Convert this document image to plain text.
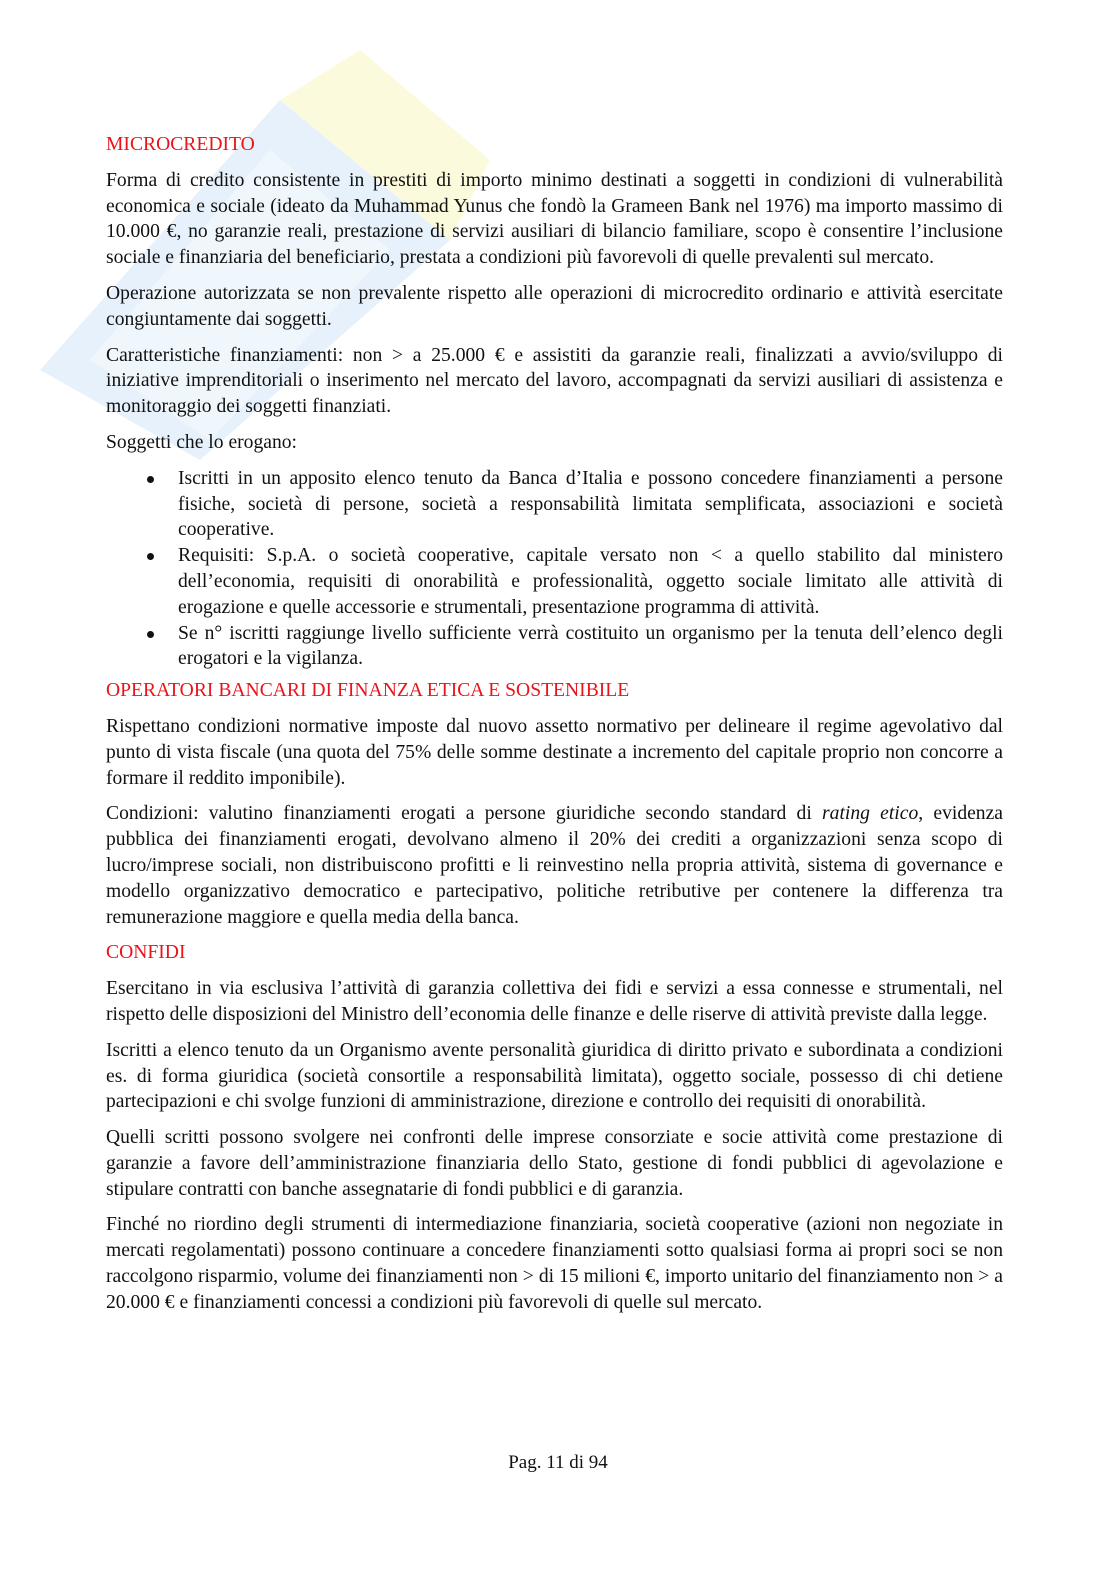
MICROCREDITO

Forma di credito consistente in prestiti di importo minimo destinati a soggetti in condizioni di vulnerabilità economica e sociale (ideato da Muhammad Yunus che fondò la Grameen Bank nel 1976) ma importo massimo di 10.000 €, no garanzie reali, prestazione di servizi ausiliari di bilancio familiare, scopo è consentire l’inclusione sociale e finanziaria del beneficiario, prestata a condizioni più favorevoli di quelle prevalenti sul mercato.

Operazione autorizzata se non prevalente rispetto alle operazioni di microcredito ordinario e attività esercitate congiuntamente dai soggetti.

Caratteristiche finanziamenti: non > a 25.000 € e assistiti da garanzie reali, finalizzati a avvio/sviluppo di iniziative imprenditoriali o inserimento nel mercato del lavoro, accompagnati da servizi ausiliari di assistenza e monitoraggio dei soggetti finanziati.

Soggetti che lo erogano:

Iscritti in un apposito elenco tenuto da Banca d’Italia e possono concedere finanziamenti a persone fisiche, società di persone, società a responsabilità limitata semplificata, associazioni e società cooperative.
Requisiti: S.p.A. o società cooperative, capitale versato non < a quello stabilito dal ministero dell’economia, requisiti di onorabilità e professionalità, oggetto sociale limitato alle attività di erogazione e quelle accessorie e strumentali, presentazione programma di attività.
Se n° iscritti raggiunge livello sufficiente verrà costituito un organismo per la tenuta dell’elenco degli erogatori e la vigilanza.
OPERATORI BANCARI DI FINANZA ETICA E SOSTENIBILE

Rispettano condizioni normative imposte dal nuovo assetto normativo per delineare il regime agevolativo dal punto di vista fiscale (una quota del 75% delle somme destinate a incremento del capitale proprio non concorre a formare il reddito imponibile).

Condizioni: valutino finanziamenti erogati a persone giuridiche secondo standard di rating etico, evidenza pubblica dei finanziamenti erogati, devolvano almeno il 20% dei crediti a organizzazioni senza scopo di lucro/imprese sociali, non distribuiscono profitti e li reinvestino nella propria attività, sistema di governance e modello organizzativo democratico e partecipativo, politiche retributive per contenere la differenza tra remunerazione maggiore e quella media della banca.

CONFIDI

Esercitano in via esclusiva l’attività di garanzia collettiva dei fidi e servizi a essa connesse e strumentali, nel rispetto delle disposizioni del Ministro dell’economia delle finanze e delle riserve di attività previste dalla legge.

Iscritti a elenco tenuto da un Organismo avente personalità giuridica di diritto privato e subordinata a condizioni es. di forma giuridica (società consortile a responsabilità limitata), oggetto sociale, possesso di chi detiene partecipazioni e chi svolge funzioni di amministrazione, direzione e controllo dei requisiti di onorabilità.

Quelli scritti possono svolgere nei confronti delle imprese consorziate e socie attività come prestazione di garanzie a favore dell’amministrazione finanziaria dello Stato, gestione di fondi pubblici di agevolazione e stipulare contratti con banche assegnatarie di fondi pubblici e di garanzia.

Finché no riordino degli strumenti di intermediazione finanziaria, società cooperative (azioni non negoziate in mercati regolamentati) possono continuare a concedere finanziamenti sotto qualsiasi forma ai propri soci se non raccolgono risparmio, volume dei finanziamenti non > di 15 milioni €, importo unitario del finanziamento non > a 20.000 € e finanziamenti concessi a condizioni più favorevoli di quelle sul mercato.

Pag. 11 di 94
